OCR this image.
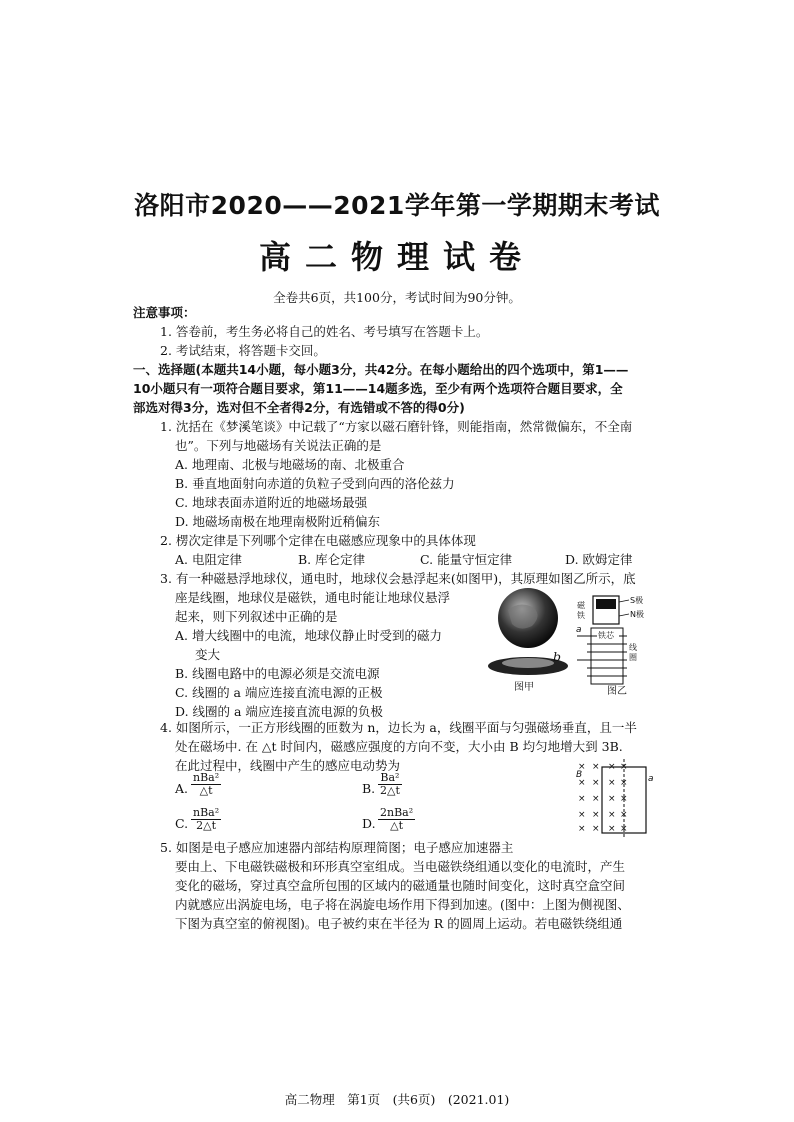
洛阳市2020——2021学年第一学期期末考试
高二物理试卷
全卷共6页，共100分，考试时间为90分钟。
注意事项：
1. 答卷前，考生务必将自己的姓名、考号填写在答题卡上。
2. 考试结束，将答题卡交回。
一、选择题(本题共14小题，每小题3分，共42分。在每小题给出的四个选项中，第1——
10小题只有一项符合题目要求，第11——14题多选，至少有两个选项符合题目要求，全
部选对得3分，选对但不全者得2分，有选错或不答的得0分)
1. 沈括在《梦溪笔谈》中记载了“方家以磁石磨针锋，则能指南，然常微偏东，不全南
也”。下列与地磁场有关说法正确的是
A. 地理南、北极与地磁场的南、北极重合
B. 垂直地面射向赤道的负粒子受到向西的洛伦兹力
C. 地球表面赤道附近的地磁场最强
D. 地磁场南极在地理南极附近稍偏东
2. 楞次定律是下列哪个定律在电磁感应现象中的具体体现
A. 电阻定律	B. 库仑定律	C. 能量守恒定律	D. 欧姆定律
3. 有一种磁悬浮地球仪，通电时，地球仪会悬浮起来(如图甲)，其原理如图乙所示，底
座是线圈，地球仪是磁铁，通电时能让地球仪悬浮
起来，则下列叙述中正确的是
A. 增大线圈中的电流，地球仪静止时受到的磁力
变大
B. 线圈电路中的电源必须是交流电源
C. 线圈的 a 端应连接直流电源的正极
D. 线圈的 a 端应连接直流电源的负极
图甲
磁
铁
S极
N极
铁芯
a
线
圈
图乙
b
4. 如图所示，一正方形线圈的匝数为 n，边长为 a，线圈平面与匀强磁场垂直，且一半
处在磁场中. 在 △t 时间内，磁感应强度的方向不变，大小由 B 均匀地增大到 3B.
在此过程中，线圈中产生的感应电动势为
A.
nBa²
△t	B. $\frac{\text{Ba²}}{2\triangle t}$
C.
nBa²
2△t	D.
2nBa²
△t
B	a
× × × ×
× × × ×
× × × ×
× × × ×
× × × ×
5. 如图是电子感应加速器内部结构原理简图；电子感应加速器主
要由上、下电磁铁磁极和环形真空室组成。当电磁铁绕组通以变化的电流时，产生
变化的磁场，穿过真空盒所包围的区域内的磁通量也随时间变化，这时真空盒空间
内就感应出涡旋电场，电子将在涡旋电场作用下得到加速。(图中：上图为侧视图、
下图为真空室的俯视图)。电子被约束在半径为 R 的圆周上运动。若电磁铁绕组通
高二物理　第1页　(共6页)　(2021.01)
